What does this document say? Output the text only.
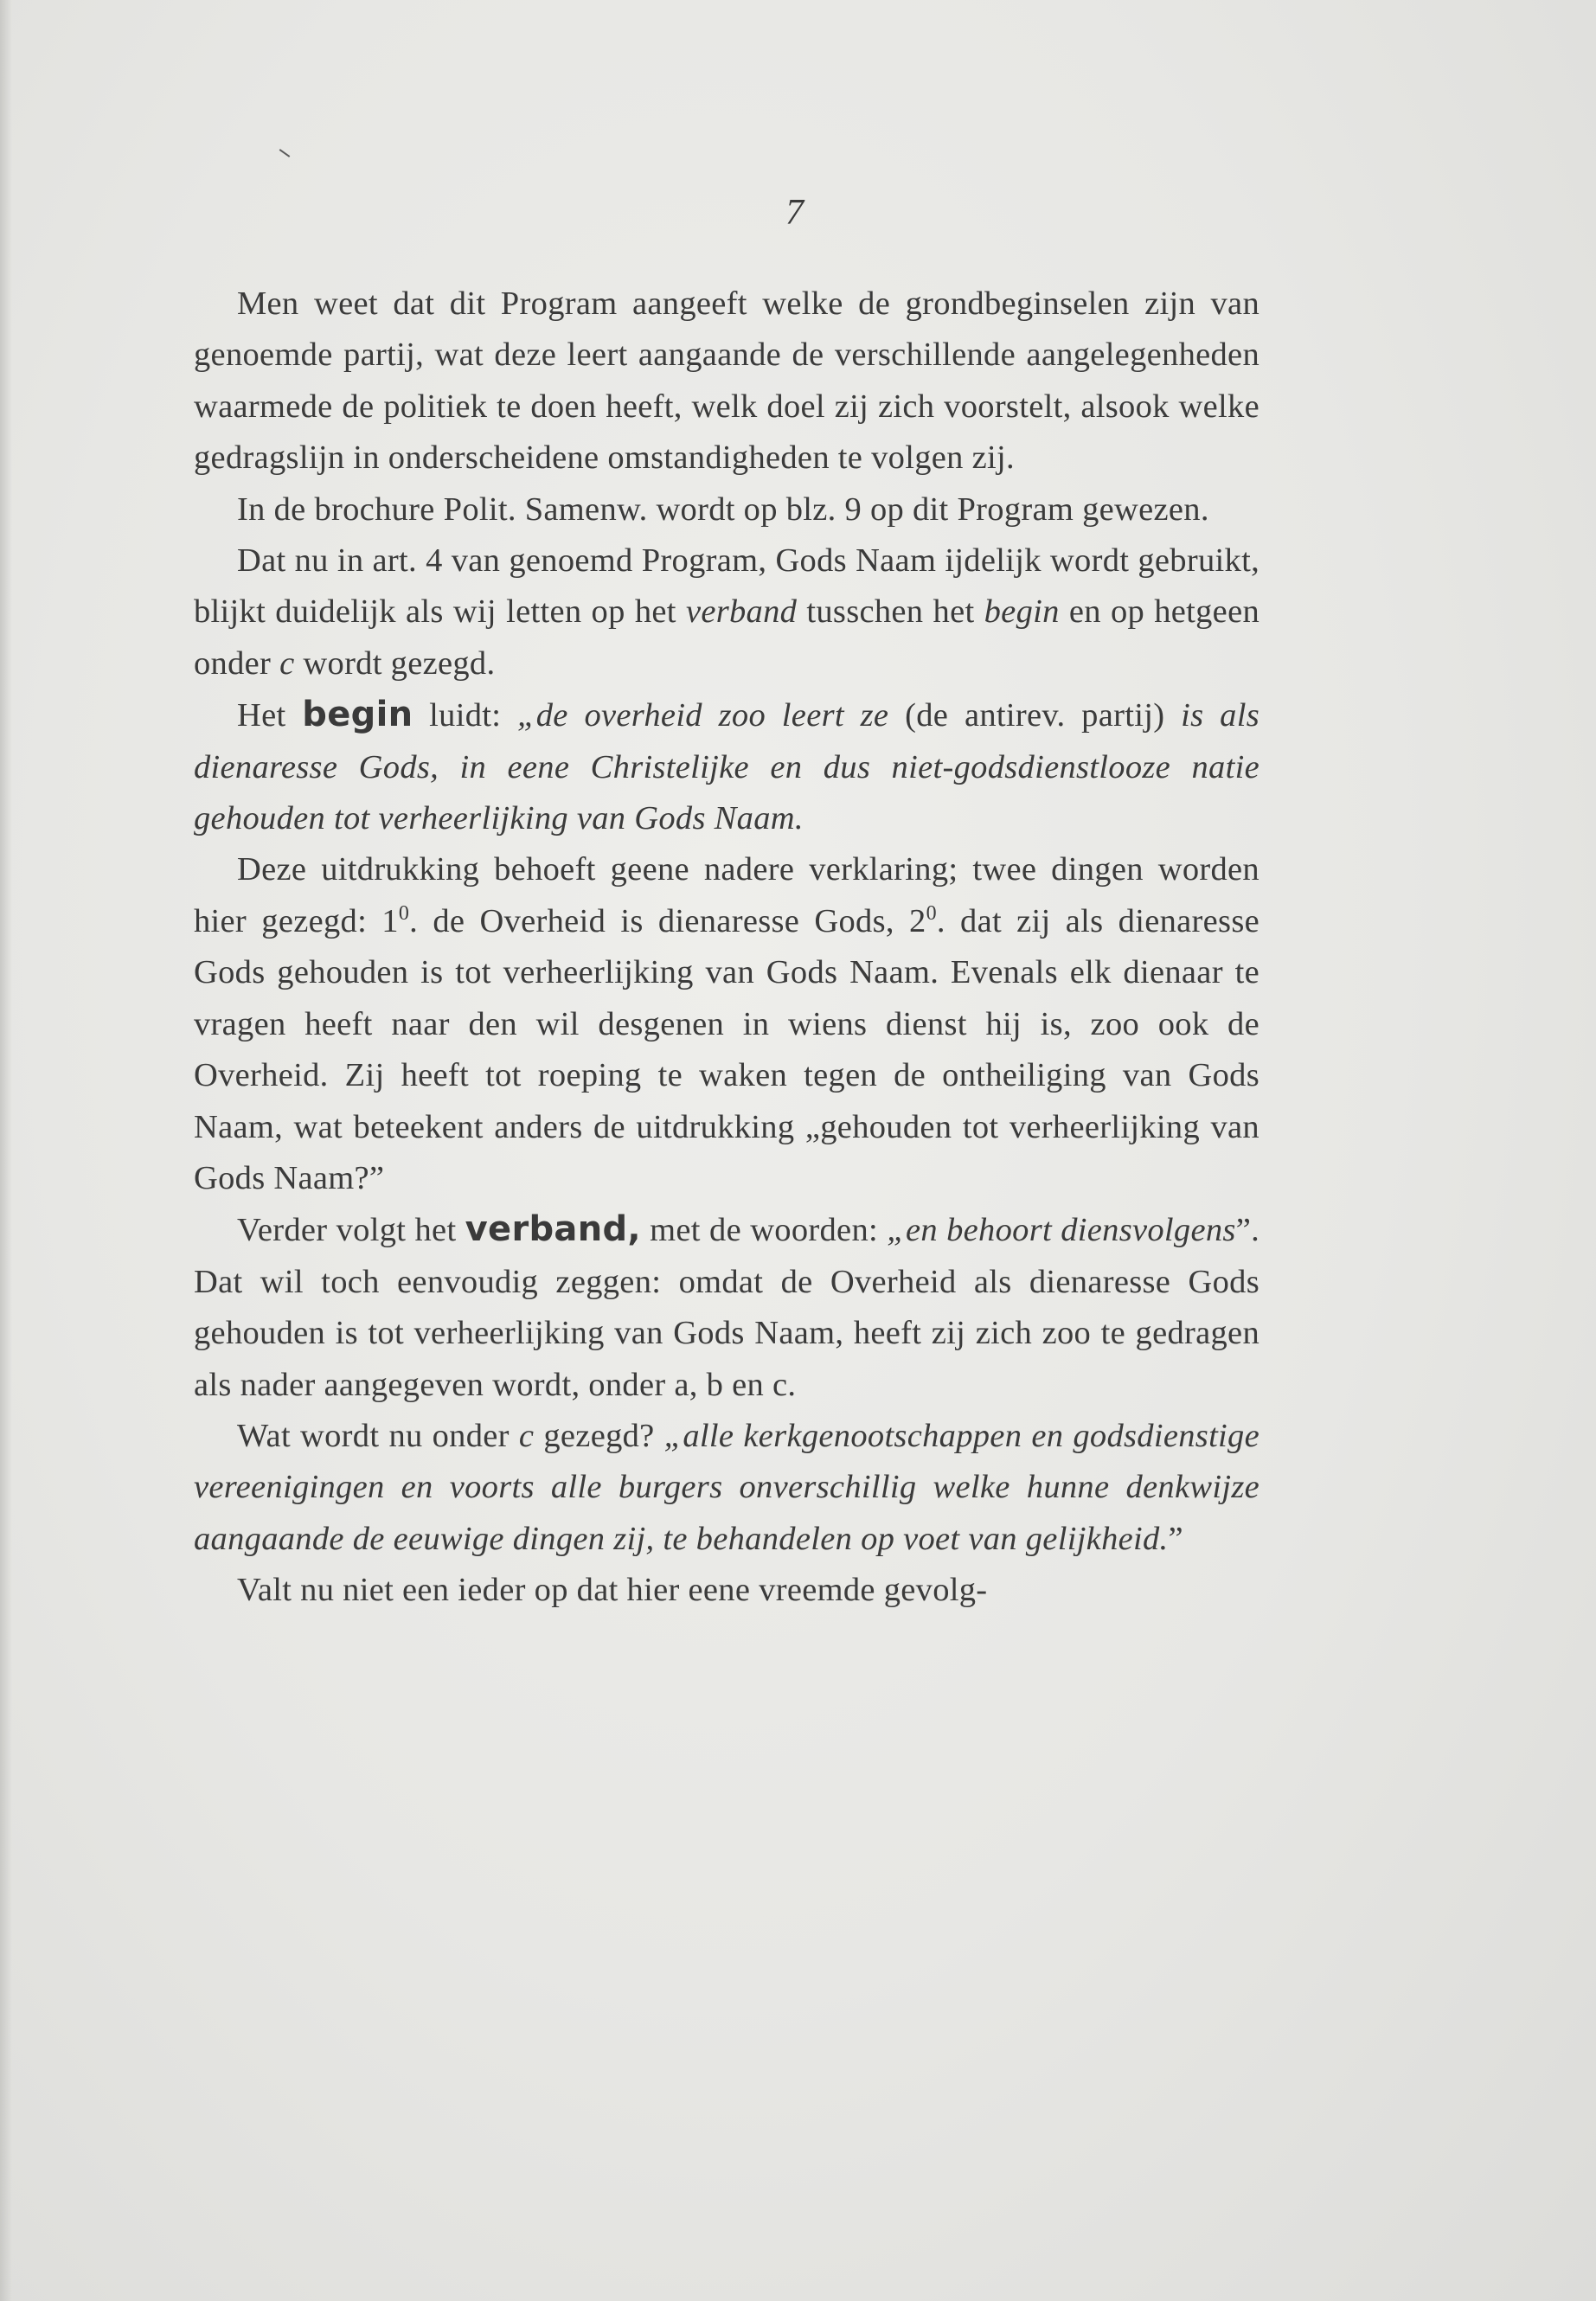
7

Men weet dat dit Program aangeeft welke de grondbeginselen zijn van genoemde partij, wat deze leert aangaande de verschillende aangelegenheden waarmede de politiek te doen heeft, welk doel zij zich voorstelt, alsook welke gedragslijn in onderscheidene omstandigheden te volgen zij.

In de brochure Polit. Samenw. wordt op blz. 9 op dit Program gewezen.

Dat nu in art. 4 van genoemd Program, Gods Naam ijdelijk wordt gebruikt, blijkt duidelijk als wij letten op het verband tusschen het begin en op hetgeen onder c wordt gezegd.

Het begin luidt: „de overheid zoo leert ze (de antirev. partij) is als dienaresse Gods, in eene Christelijke en dus niet-godsdienstlooze natie gehouden tot verheerlijking van Gods Naam.

Deze uitdrukking behoeft geene nadere verklaring; twee dingen worden hier gezegd: $1^0$. de Overheid is dienaresse Gods, $2^0$. dat zij als dienaresse Gods gehouden is tot verheerlijking van Gods Naam. Evenals elk dienaar te vragen heeft naar den wil desgenen in wiens dienst hij is, zoo ook de Overheid. Zij heeft tot roeping te waken tegen de ontheiliging van Gods Naam, wat beteekent anders de uitdrukking „gehouden tot verheerlijking van Gods Naam?”

Verder volgt het verband, met de woorden: „en behoort diensvolgens”. Dat wil toch eenvoudig zeggen: omdat de Overheid als dienaresse Gods gehouden is tot verheerlijking van Gods Naam, heeft zij zich zoo te gedragen als nader aangegeven wordt, onder a, b en c.

Wat wordt nu onder c gezegd? „alle kerkgenootschappen en godsdienstige vereenigingen en voorts alle burgers onverschillig welke hunne denkwijze aangaande de eeuwige dingen zij, te behandelen op voet van gelijkheid.”

Valt nu niet een ieder op dat hier eene vreemde gevolg-
